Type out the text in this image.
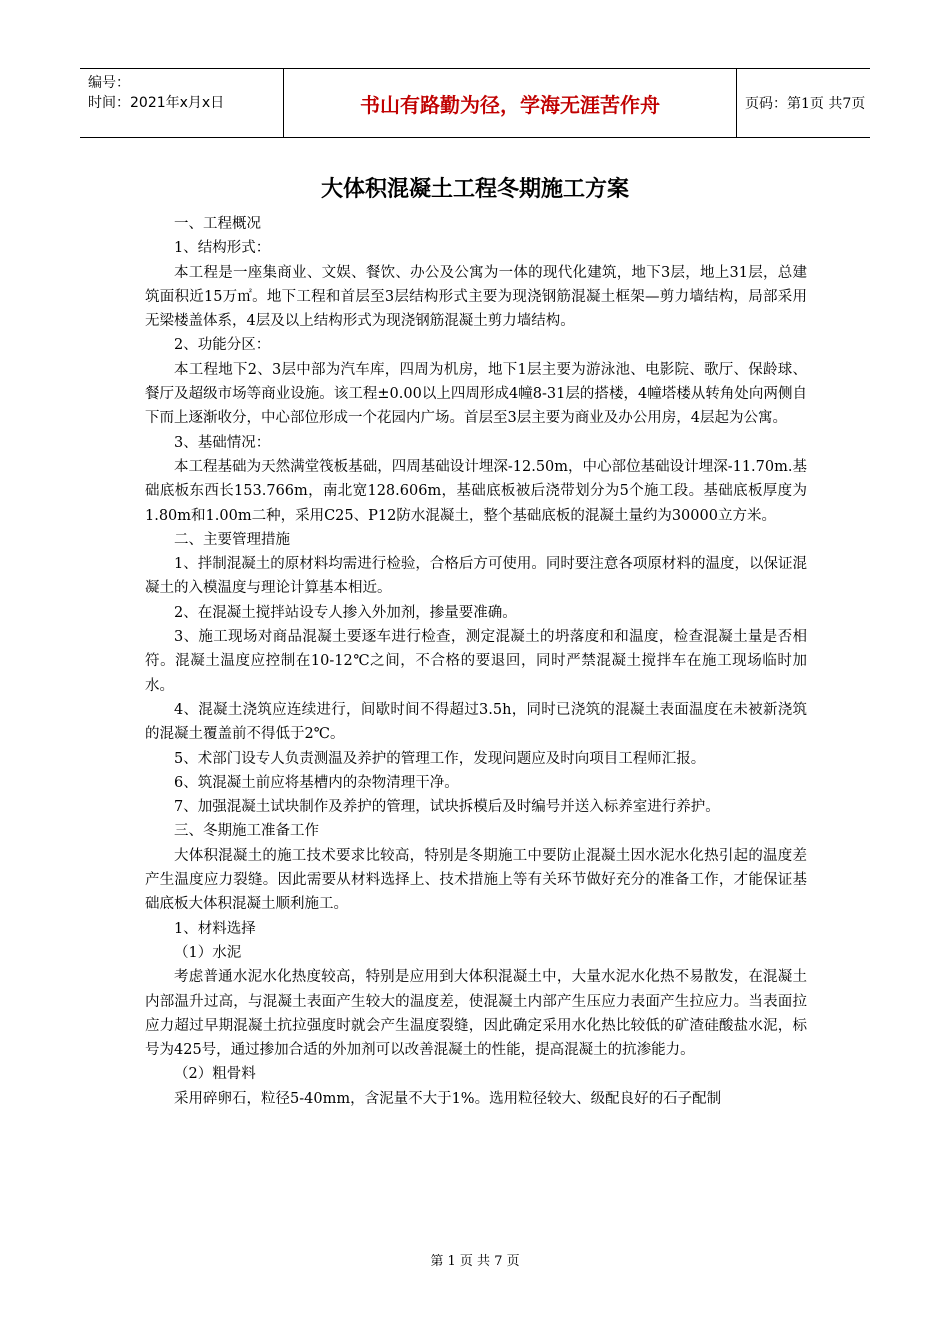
编号：
时间：2021年x月x日	书山有路勤为径，学海无涯苦作舟	页码：第1页 共7页
大体积混凝土工程冬期施工方案

一、工程概况

1、结构形式：

本工程是一座集商业、文娱、餐饮、办公及公寓为一体的现代化建筑，地下3层，地上31层，总建筑面积近15万㎡。地下工程和首层至3层结构形式主要为现浇钢筋混凝土框架—剪力墙结构，局部采用无梁楼盖体系，4层及以上结构形式为现浇钢筋混凝土剪力墙结构。

2、功能分区：

本工程地下2、3层中部为汽车库，四周为机房，地下1层主要为游泳池、电影院、歌厅、保龄球、餐厅及超级市场等商业设施。该工程±0.00以上四周形成4幢8-31层的搭楼，4幢塔楼从转角处向两侧自下而上逐渐收分，中心部位形成一个花园内广场。首层至3层主要为商业及办公用房，4层起为公寓。

3、基础情况：

本工程基础为天然满堂筏板基础，四周基础设计埋深-12.50m，中心部位基础设计埋深-11.70m.基础底板东西长153.766m，南北宽128.606m，基础底板被后浇带划分为5个施工段。基础底板厚度为1.80m和1.00m二种，采用C25、P12防水混凝土，整个基础底板的混凝土量约为30000立方米。

二、主要管理措施

1、拌制混凝土的原材料均需进行检验，合格后方可使用。同时要注意各项原材料的温度，以保证混凝土的入模温度与理论计算基本相近。

2、在混凝土搅拌站设专人掺入外加剂，掺量要准确。

3、施工现场对商品混凝土要逐车进行检查，测定混凝土的坍落度和和温度，检查混凝土量是否相符。混凝土温度应控制在10-12℃之间，不合格的要退回，同时严禁混凝土搅拌车在施工现场临时加水。

4、混凝土浇筑应连续进行，间歇时间不得超过3.5h，同时已浇筑的混凝土表面温度在未被新浇筑的混凝土覆盖前不得低于2℃。

5、术部门设专人负责测温及养护的管理工作，发现问题应及时向项目工程师汇报。

6、筑混凝土前应将基槽内的杂物清理干净。

7、加强混凝土试块制作及养护的管理，试块拆模后及时编号并送入标养室进行养护。

三、冬期施工准备工作

大体积混凝土的施工技术要求比较高，特别是冬期施工中要防止混凝土因水泥水化热引起的温度差产生温度应力裂缝。因此需要从材料选择上、技术措施上等有关环节做好充分的准备工作，才能保证基础底板大体积混凝土顺利施工。

1、材料选择

（1）水泥

考虑普通水泥水化热度较高，特别是应用到大体积混凝土中，大量水泥水化热不易散发，在混凝土内部温升过高，与混凝土表面产生较大的温度差，使混凝土内部产生压应力表面产生拉应力。当表面拉应力超过早期混凝土抗拉强度时就会产生温度裂缝，因此确定采用水化热比较低的矿渣硅酸盐水泥，标号为425号，通过掺加合适的外加剂可以改善混凝土的性能，提高混凝土的抗渗能力。

（2）粗骨料

采用碎卵石，粒径5-40mm，含泥量不大于1%。选用粒径较大、级配良好的石子配制

第 1 页 共 7 页
